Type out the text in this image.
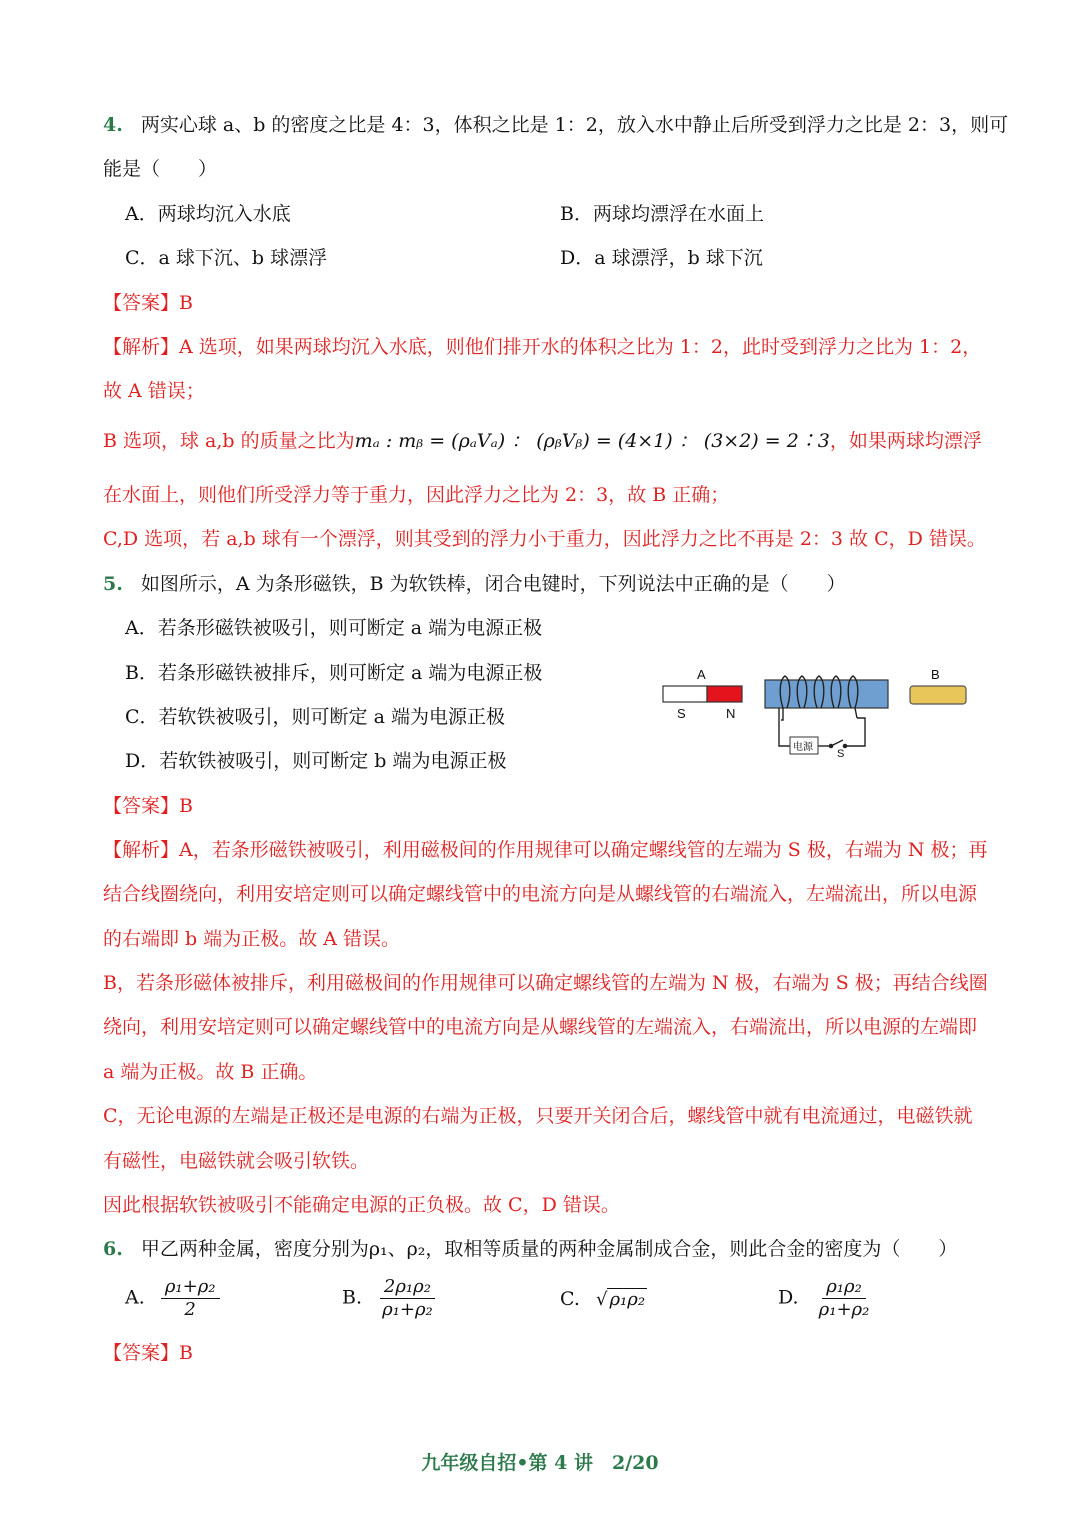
4. 两实心球 a、b 的密度之比是 4：3，体积之比是 1：2，放入水中静止后所受到浮力之比是 2：3，则可
能是（　　）
A．两球均沉入水底	B．两球均漂浮在水面上
C．a 球下沉、b 球漂浮	D．a 球漂浮，b 球下沉
【答案】B
【解析】A 选项，如果两球均沉入水底，则他们排开水的体积之比为 1：2，此时受到浮力之比为 1：2，
故 A 错误；
B 选项，球 a,b 的质量之比为mₐ : mᵦ = (ρₐVₐ) ： (ρᵦVᵦ) = (4×1) ： (3×2) = 2∶3，如果两球均漂浮
在水面上，则他们所受浮力等于重力，因此浮力之比为 2：3，故 B 正确；
C,D 选项，若 a,b 球有一个漂浮，则其受到的浮力小于重力，因此浮力之比不再是 2：3 故 C，D 错误。
5. 如图所示，A 为条形磁铁，B 为软铁棒，闭合电键时，下列说法中正确的是（　　）
A．若条形磁铁被吸引，则可断定 a 端为电源正极
B．若条形磁铁被排斥，则可断定 a 端为电源正极
C．若软铁被吸引，则可断定 a 端为电源正极
D．若软铁被吸引，则可断定 b 端为电源正极
A	B
S	N
S
电源
【答案】B
【解析】A，若条形磁铁被吸引，利用磁极间的作用规律可以确定螺线管的左端为 S 极，右端为 N 极；再
结合线圈绕向，利用安培定则可以确定螺线管中的电流方向是从螺线管的右端流入，左端流出，所以电源
的右端即 b 端为正极。故 A 错误。
B，若条形磁体被排斥，利用磁极间的作用规律可以确定螺线管的左端为 N 极，右端为 S 极；再结合线圈
绕向，利用安培定则可以确定螺线管中的电流方向是从螺线管的左端流入，右端流出，所以电源的左端即
a 端为正极。故 B 正确。
C，无论电源的左端是正极还是电源的右端为正极，只要开关闭合后，螺线管中就有电流通过，电磁铁就
有磁性，电磁铁就会吸引软铁。
因此根据软铁被吸引不能确定电源的正负极。故 C，D 错误。
6. 甲乙两种金属，密度分别为ρ₁、ρ₂，取相等质量的两种金属制成合金，则此合金的密度为（　　）
A. $\frac{\text{ρ₁+ρ₂}}{2}$	B. $\frac{\text{2ρ₁ρ₂}}{\text{ρ₁+ρ₂}}$	C. √ ρ₁ρ₂	D. $\frac{\text{ρ₁ρ₂}}{\text{ρ₁+ρ₂}}$
【答案】B
九年级自招•第 4 讲　2/20
